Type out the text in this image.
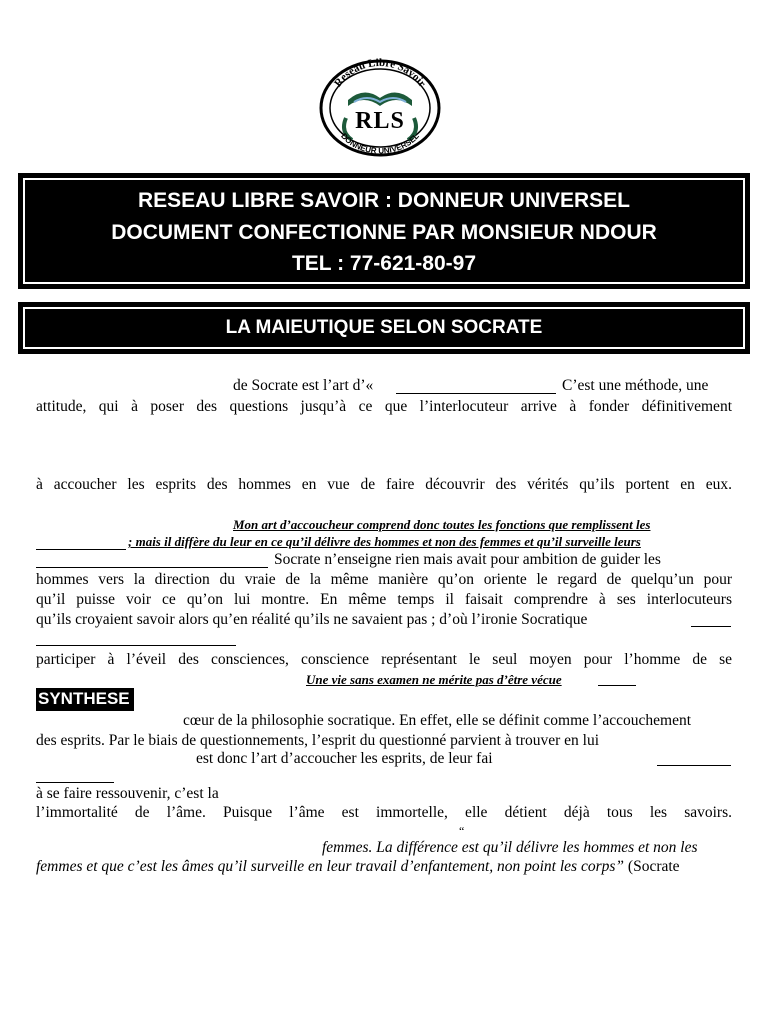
Reseau Libre Savoir
RLS
DONNEUR UNIVERSEL
RESEAU LIBRE SAVOIR : DONNEUR UNIVERSEL
DOCUMENT CONFECTIONNE PAR MONSIEUR NDOUR
TEL : 77-621-80-97
LA MAIEUTIQUE SELON SOCRATE
de Socrate est l’art d’«	C’est une méthode, une
attitude, qui à poser des questions jusqu’à ce que l’interlocuteur arrive à fonder définitivement
à accoucher les esprits des hommes en vue de faire découvrir des vérités qu’ils portent en eux.
Mon art d’accoucheur comprend donc toutes les fonctions que remplissent les
; mais il diffère du leur en ce qu’il délivre des hommes et non des femmes et qu’il surveille leurs
Socrate n’enseigne rien mais avait pour ambition de guider les
hommes vers la direction du vraie de la même manière qu’on oriente le regard de quelqu’un pour
qu’il puisse voir ce qu’on lui montre. En même temps il faisait comprendre à ses interlocuteurs
qu’ils croyaient savoir alors qu’en réalité qu’ils ne savaient pas ; d’où l’ironie Socratique
participer à l’éveil des consciences, conscience représentant le seul moyen pour l’homme de se
Une vie sans examen ne mérite pas d’être vécue
SYNTHESE
cœur de la philosophie socratique. En effet, elle se définit comme l’accouchement
des esprits. Par le biais de questionnements, l’esprit du questionné parvient à trouver en lui
est donc l’art d’accoucher les esprits, de leur fai
à se faire ressouvenir, c’est la
l’immortalité de l’âme. Puisque l’âme est immortelle, elle détient déjà tous les savoirs.
“
femmes. La différence est qu’il délivre les hommes et non les
femmes et que c’est les âmes qu’il surveille en leur travail d’enfantement, non point les corps” (Socrate
